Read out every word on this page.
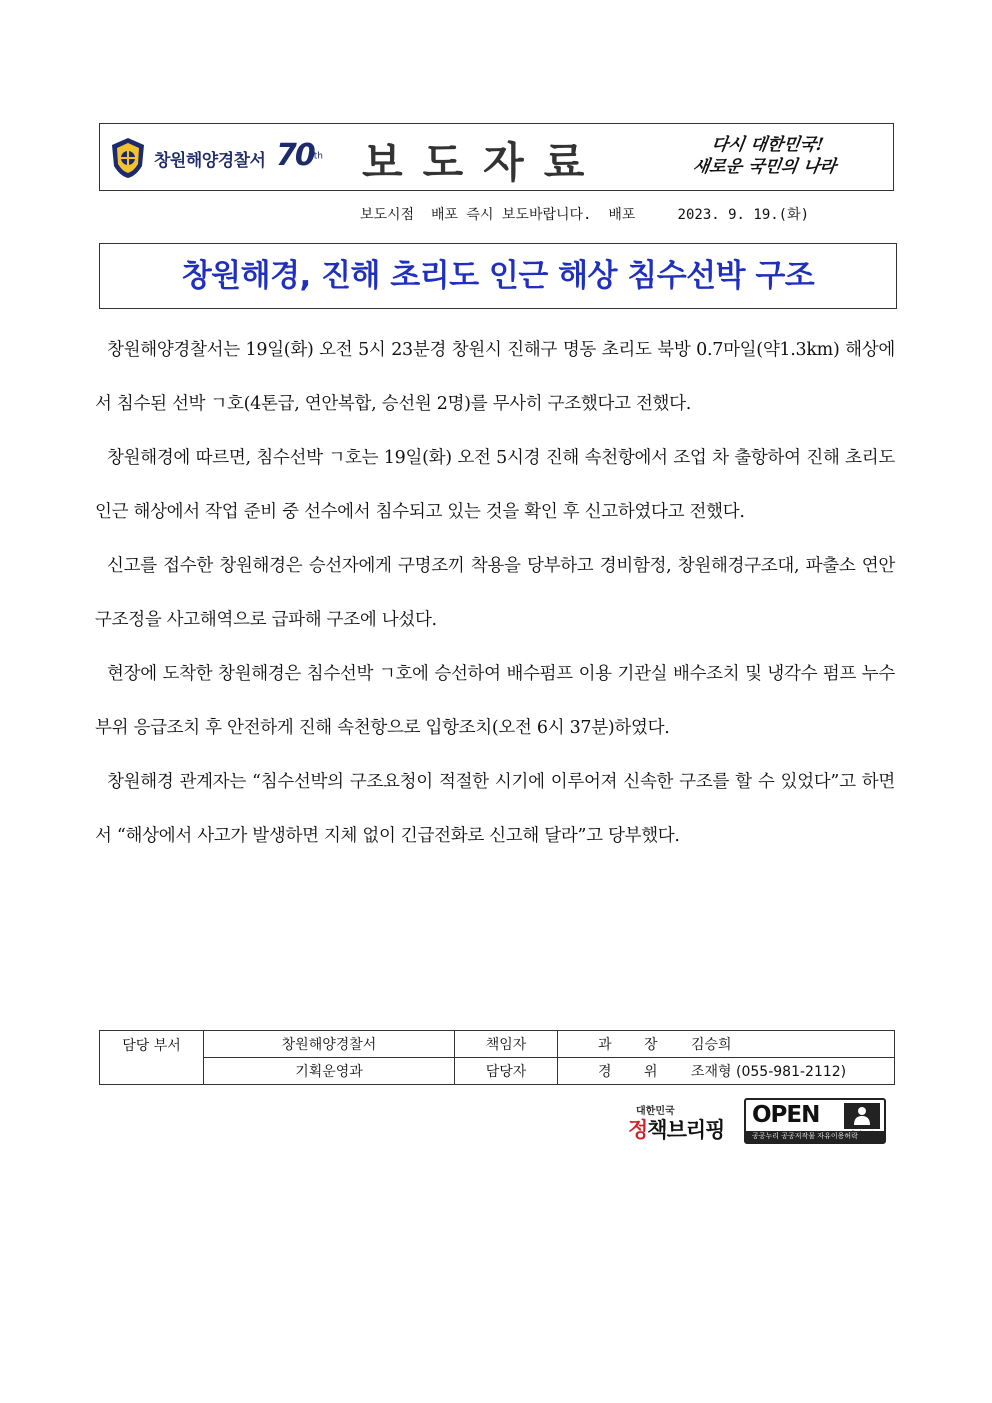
창원해양경찰서 70th 보도자료	다시 대한민국!
새로운 국민의 나라
보도시점  배포 즉시 보도바랍니다.  배포     2023. 9. 19.(화)
창원해경, 진해 초리도 인근 해상 침수선박 구조

창원해양경찰서는 19일(화) 오전 5시 23분경 창원시 진해구 명동 초리도 북방 0.7마일(약1.3km) 해상에서 침수된 선박 ㄱ호(4톤급, 연안복합, 승선원 2명)를 무사히 구조했다고 전했다.

창원해경에 따르면, 침수선박 ㄱ호는 19일(화) 오전 5시경 진해 속천항에서 조업 차 출항하여 진해 초리도 인근 해상에서 작업 준비 중 선수에서 침수되고 있는 것을 확인 후 신고하였다고 전했다.

신고를 접수한 창원해경은 승선자에게 구명조끼 착용을 당부하고 경비함정, 창원해경구조대, 파출소 연안구조정을 사고해역으로 급파해 구조에 나섰다.

현장에 도착한 창원해경은 침수선박 ㄱ호에 승선하여 배수펌프 이용 기관실 배수조치 및 냉각수 펌프 누수 부위 응급조치 후 안전하게 진해 속천항으로 입항조치(오전 6시 37분)하였다.

창원해경 관계자는 “침수선박의 구조요청이 적절한 시기에 이루어져 신속한 구조를 할 수 있었다”고 하면서 “해상에서 사고가 발생하면 지체 없이 긴급전화로 신고해 달라”고 당부했다.

담당 부서	창원해양경찰서	책임자	과 장 김승희
	기획운영과	담당자	경 위 조재형 (055-981-2112)
대한민국
정책브리핑
OPEN
공공누리 공공저작물 자유이용허락
